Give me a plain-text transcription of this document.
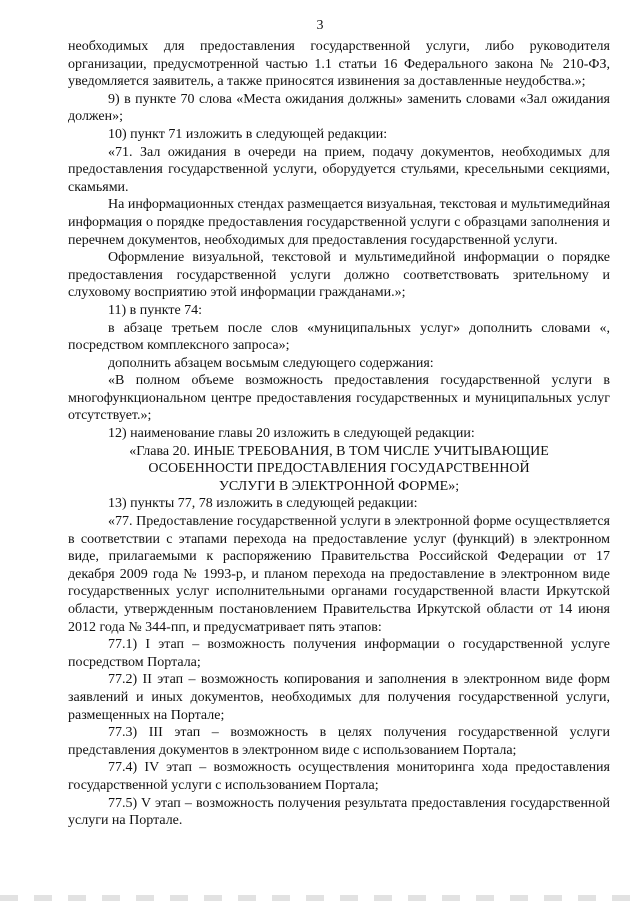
3

необходимых для предоставления государственной услуги, либо руководителя организации, предусмотренной частью 1.1 статьи 16 Федерального закона № 210-ФЗ, уведомляется заявитель, а также приносятся извинения за доставленные неудобства.»;

9) в пункте 70 слова «Места ожидания должны» заменить словами «Зал ожидания должен»;

10) пункт 71 изложить в следующей редакции:

«71. Зал ожидания в очереди на прием, подачу документов, необходимых для предоставления государственной услуги, оборудуется стульями, кресельными секциями, скамьями.

На информационных стендах размещается визуальная, текстовая и мультимедийная информация о порядке предоставления государственной услуги с образцами заполнения и перечнем документов, необходимых для предоставления государственной услуги.

Оформление визуальной, текстовой и мультимедийной информации о порядке предоставления государственной услуги должно соответствовать зрительному и слуховому восприятию этой информации гражданами.»;

11) в пункте 74:

в абзаце третьем после слов «муниципальных услуг» дополнить словами «, посредством комплексного запроса»;

дополнить абзацем восьмым следующего содержания:

«В полном объеме возможность предоставления государственной услуги в многофункциональном центре предоставления государственных и муниципальных услуг отсутствует.»;

12) наименование главы 20 изложить в следующей редакции:

«Глава 20. ИНЫЕ ТРЕБОВАНИЯ, В ТОМ ЧИСЛЕ УЧИТЫВАЮЩИЕ

ОСОБЕННОСТИ ПРЕДОСТАВЛЕНИЯ ГОСУДАРСТВЕННОЙ

УСЛУГИ В ЭЛЕКТРОННОЙ ФОРМЕ»;

13) пункты 77, 78 изложить в следующей редакции:

«77. Предоставление государственной услуги в электронной форме осуществляется в соответствии с этапами перехода на предоставление услуг (функций) в электронном виде, прилагаемыми к распоряжению Правительства Российской Федерации от 17 декабря 2009 года № 1993-р, и планом перехода на предоставление в электронном виде государственных услуг исполнительными органами государственной власти Иркутской области, утвержденным постановлением Правительства Иркутской области от 14 июня 2012 года № 344-пп, и предусматривает пять этапов:

77.1) I этап – возможность получения информации о государственной услуге посредством Портала;

77.2) II этап – возможность копирования и заполнения в электронном виде форм заявлений и иных документов, необходимых для получения государственной услуги, размещенных на Портале;

77.3) III этап – возможность в целях получения государственной услуги представления документов в электронном виде с использованием Портала;

77.4) IV этап – возможность осуществления мониторинга хода предоставления государственной услуги с использованием Портала;

77.5) V этап – возможность получения результата предоставления государственной услуги на Портале.
